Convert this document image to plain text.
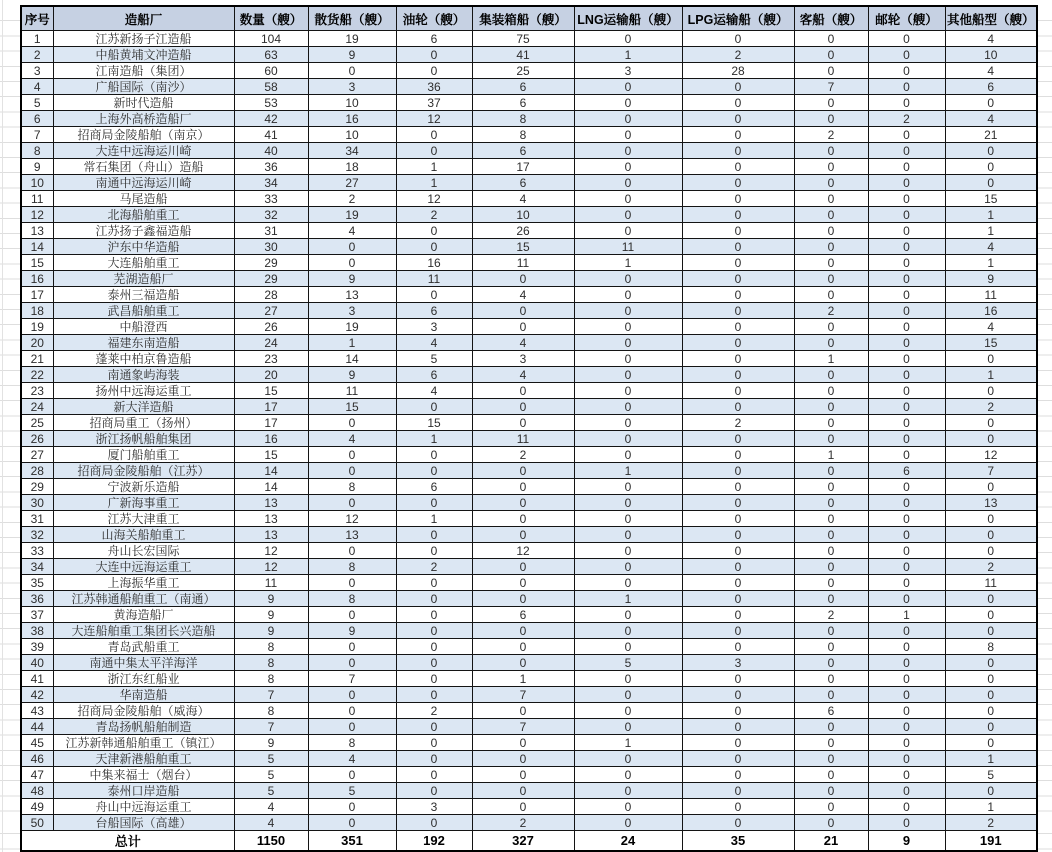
序号	造船厂	数量（艘）	散货船（艘）	油轮（艘）	集装箱船（艘）	LNG运输船（艘）	LPG运输船（艘）	客船（艘）	邮轮（艘）	其他船型（艘）
1	江苏新扬子江造船	104	19	6	75	0	0	0	0	4
2	中船黄埔文冲造船	63	9	0	41	1	2	0	0	10
3	江南造船（集团）	60	0	0	25	3	28	0	0	4
4	广船国际（南沙）	58	3	36	6	0	0	7	0	6
5	新时代造船	53	10	37	6	0	0	0	0	0
6	上海外高桥造船厂	42	16	12	8	0	0	0	2	4
7	招商局金陵船舶（南京）	41	10	0	8	0	0	2	0	21
8	大连中远海运川崎	40	34	0	6	0	0	0	0	0
9	常石集团（舟山）造船	36	18	1	17	0	0	0	0	0
10	南通中远海运川崎	34	27	1	6	0	0	0	0	0
11	马尾造船	33	2	12	4	0	0	0	0	15
12	北海船舶重工	32	19	2	10	0	0	0	0	1
13	江苏扬子鑫福造船	31	4	0	26	0	0	0	0	1
14	沪东中华造船	30	0	0	15	11	0	0	0	4
15	大连船舶重工	29	0	16	11	1	0	0	0	1
16	芜湖造船厂	29	9	11	0	0	0	0	0	9
17	泰州三福造船	28	13	0	4	0	0	0	0	11
18	武昌船舶重工	27	3	6	0	0	0	2	0	16
19	中船澄西	26	19	3	0	0	0	0	0	4
20	福建东南造船	24	1	4	4	0	0	0	0	15
21	蓬莱中柏京鲁造船	23	14	5	3	0	0	1	0	0
22	南通象屿海装	20	9	6	4	0	0	0	0	1
23	扬州中远海运重工	15	11	4	0	0	0	0	0	0
24	新大洋造船	17	15	0	0	0	0	0	0	2
25	招商局重工（扬州）	17	0	15	0	0	2	0	0	0
26	浙江扬帆船舶集团	16	4	1	11	0	0	0	0	0
27	厦门船舶重工	15	0	0	2	0	0	1	0	12
28	招商局金陵船舶（江苏）	14	0	0	0	1	0	0	6	7
29	宁波新乐造船	14	8	6	0	0	0	0	0	0
30	广新海事重工	13	0	0	0	0	0	0	0	13
31	江苏大津重工	13	12	1	0	0	0	0	0	0
32	山海关船舶重工	13	13	0	0	0	0	0	0	0
33	舟山长宏国际	12	0	0	12	0	0	0	0	0
34	大连中远海运重工	12	8	2	0	0	0	0	0	2
35	上海振华重工	11	0	0	0	0	0	0	0	11
36	江苏韩通船舶重工（南通）	9	8	0	0	1	0	0	0	0
37	黄海造船厂	9	0	0	6	0	0	2	1	0
38	大连船舶重工集团长兴造船	9	9	0	0	0	0	0	0	0
39	青岛武船重工	8	0	0	0	0	0	0	0	8
40	南通中集太平洋海洋	8	0	0	0	5	3	0	0	0
41	浙江东红船业	8	7	0	1	0	0	0	0	0
42	华南造船	7	0	0	7	0	0	0	0	0
43	招商局金陵船舶（威海）	8	0	2	0	0	0	6	0	0
44	青岛扬帆船舶制造	7	0	0	7	0	0	0	0	0
45	江苏新韩通船舶重工（镇江）	9	8	0	0	1	0	0	0	0
46	天津新港船舶重工	5	4	0	0	0	0	0	0	1
47	中集来福士（烟台）	5	0	0	0	0	0	0	0	5
48	泰州口岸造船	5	5	0	0	0	0	0	0	0
49	舟山中远海运重工	4	0	3	0	0	0	0	0	1
50	台船国际（高雄）	4	0	0	2	0	0	0	0	2
总计		1150	351	192	327	24	35	21	9	191
